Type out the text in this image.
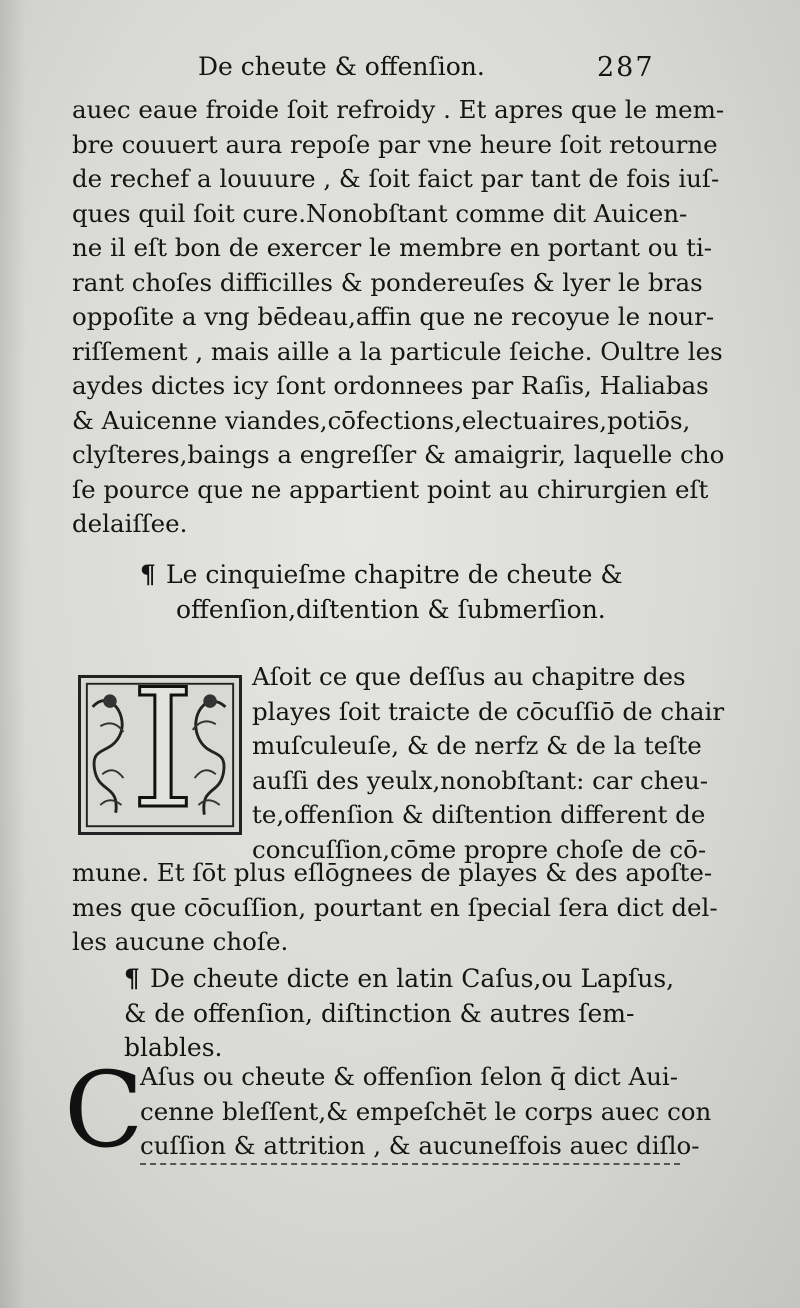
De cheute & offenſion.	287
auec eaue froide ſoit refroidy . Et apres que le mem-
bre couuert aura repoſe par vne heure ſoit retourne
de rechef a louuure , & ſoit faict par tant de fois iuſ-
ques quil ſoit cure.Nonobſtant comme dit Auicen-
ne il eſt bon de exercer le membre en portant ou ti-
rant choſes difficilles & pondereuſes & lyer le bras
oppoſite a vng bēdeau,affin que ne recoyue le nour-
riſſement , mais aille a la particule ſeiche. Oultre les
aydes dictes icy ſont ordonnees par Raſis, Haliabas
& Auicenne viandes,cōfections,electuaires,potiōs,
clyſteres,baings a engreſſer & amaigrir, laquelle cho
ſe pource que ne appartient point au chirurgien eſt
delaiſſee.
¶ Le cinquieſme chapitre de cheute &
offenſion,diſtention & ſubmerſion.
I Aſoit ce que deſſus au chapitre des
playes ſoit traicte de cōcuſſiō de chair
muſculeuſe, & de nerfz & de la teſte
auſſi des yeulx,nonobſtant: car cheu-
te,offenſion & diſtention different de
concuſſion,cōme propre choſe de cō-
mune. Et ſōt plus eſlōgnees de playes & des apoſte-
mes que cōcuſſion, pourtant en ſpecial ſera dict del-
les aucune choſe.
¶ De cheute dicte en latin Caſus,ou Lapſus,
& de offenſion, diſtinction & autres ſem-
blables.
C
Aſus ou cheute & offenſion ſelon q̄ dict Aui-
cenne bleſſent,& empeſchēt le corps auec con
cuſſion & attrition , & aucuneſfois auec diſlo-
